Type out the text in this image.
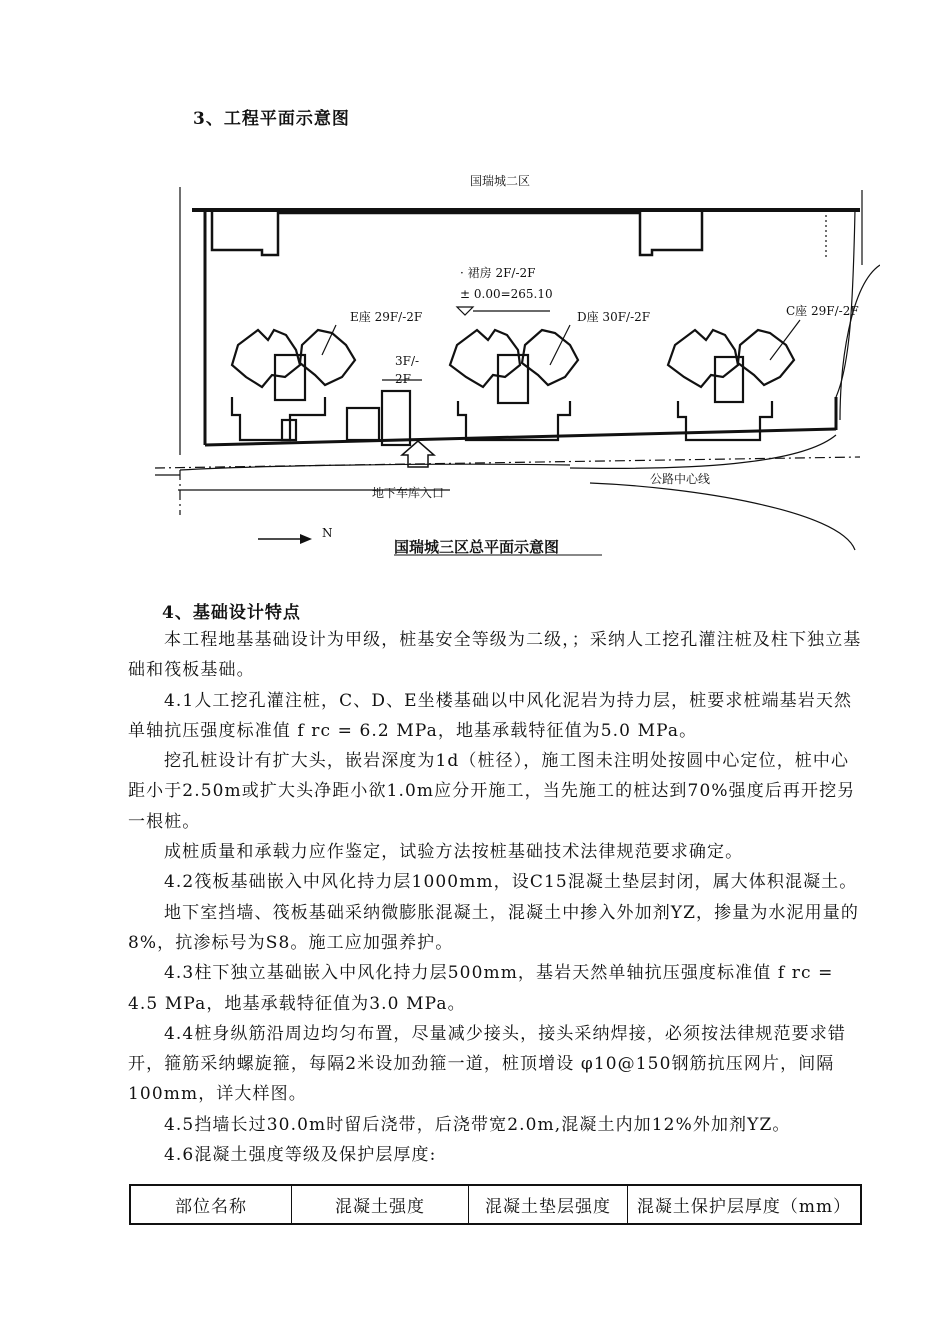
3、工程平面示意图
国瑞城二区
· 裙房 2F/-2F
± 0.00=265.10
E座 29F/-2F	D座 30F/-2F	C座 29F/-2F
3F/-
2F
公路中心线
地下车库入口
N
国瑞城三区总平面示意图
4、基础设计特点

本工程地基基础设计为甲级，桩基安全等级为二级，；采纳人工挖孔灌注桩及柱下独立基础和筏板基础。

4.1人工挖孔灌注桩，C、D、E坐楼基础以中风化泥岩为持力层，桩要求桩端基岩天然单轴抗压强度标准值 f rc = 6.2 MPa，地基承载特征值为5.0 MPa。

挖孔桩设计有扩大头，嵌岩深度为1d（桩径），施工图未注明处按圆中心定位，桩中心距小于2.50m或扩大头净距小欲1.0m应分开施工，当先施工的桩达到70%强度后再开挖另一根桩。

成桩质量和承载力应作鉴定，试验方法按桩基础技术法律规范要求确定。

4.2筏板基础嵌入中风化持力层1000mm，设C15混凝土垫层封闭，属大体积混凝土。

地下室挡墙、筏板基础采纳微膨胀混凝土，混凝土中掺入外加剂YZ，掺量为水泥用量的8%，抗渗标号为S8。施工应加强养护。

4.3柱下独立基础嵌入中风化持力层500mm，基岩天然单轴抗压强度标准值 f rc = 4.5 MPa，地基承载特征值为3.0 MPa。

4.4桩身纵筋沿周边均匀布置，尽量减少接头，接头采纳焊接，必须按法律规范要求错开，箍筋采纳螺旋箍，每隔2米设加劲箍一道，桩顶增设 φ10@150钢筋抗压网片，间隔100mm，详大样图。

4.5挡墙长过30.0m时留后浇带，后浇带宽2.0m,混凝土内加12%外加剂YZ。

4.6混凝土强度等级及保护层厚度:

部位名称	混凝土强度	混凝土垫层强度	混凝土保护层厚度（mm）
